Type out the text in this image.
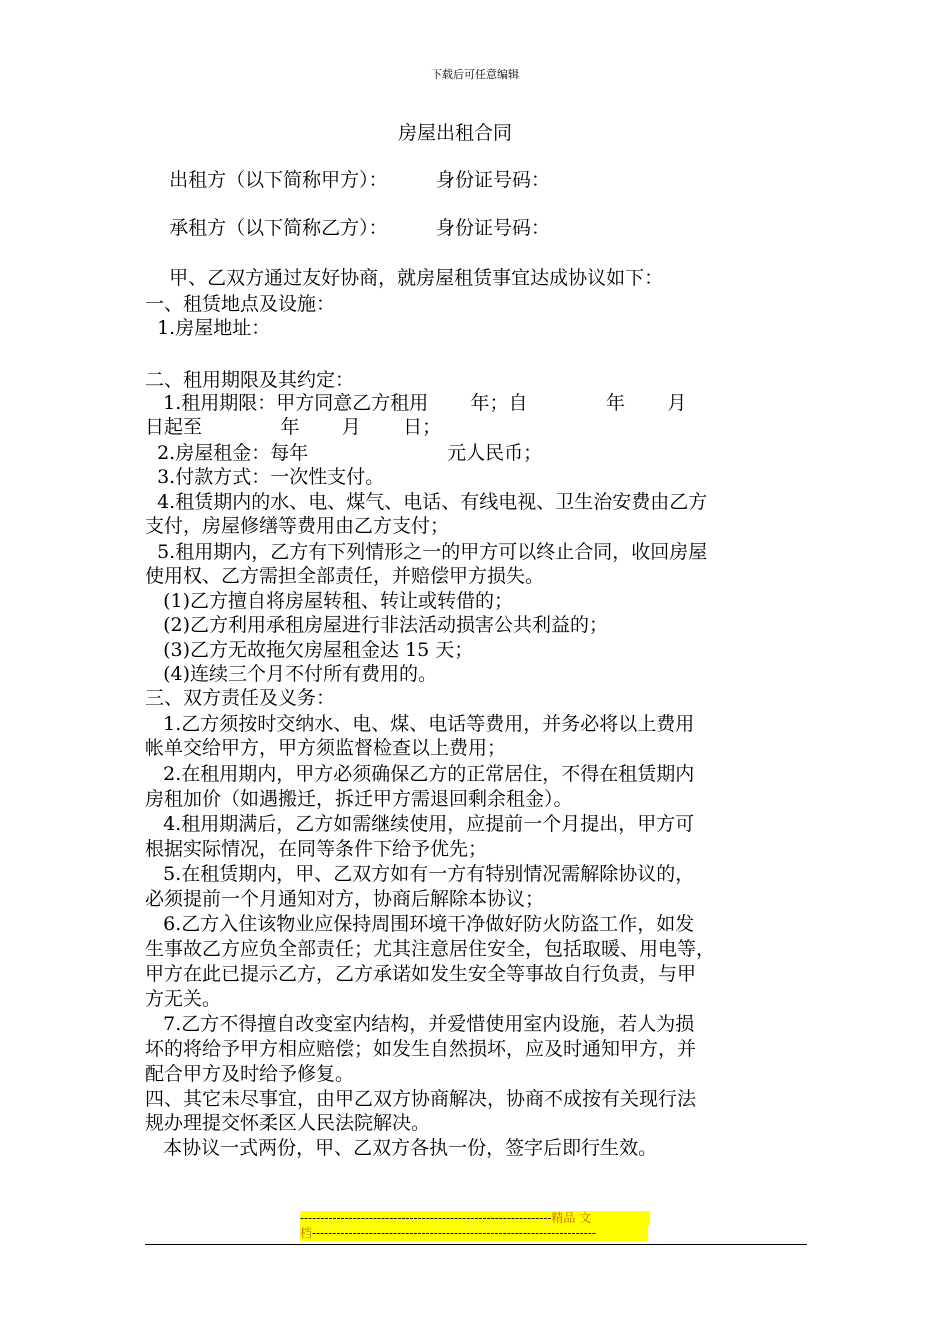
下载后可任意编辑
房屋出租合同
出租方（以下简称甲方）：        身份证号码：
承租方（以下简称乙方）：        身份证号码：
甲、乙双方通过友好协商，就房屋租赁事宜达成协议如下：
一、租赁地点及设施：
1.房屋地址：
二、租用期限及其约定：
1.租用期限：甲方同意乙方租用       年；自             年       月
日起至             年       月       日；
2.房屋租金：每年                       元人民币；
3.付款方式：一次性支付。
4.租赁期内的水、电、煤气、电话、有线电视、卫生治安费由乙方
支付，房屋修缮等费用由乙方支付；
5.租用期内，乙方有下列情形之一的甲方可以终止合同，收回房屋
使用权、乙方需担全部责任，并赔偿甲方损失。
(1)乙方擅自将房屋转租、转让或转借的；
(2)乙方利用承租房屋进行非法活动损害公共利益的；
(3)乙方无故拖欠房屋租金达 15 天；
(4)连续三个月不付所有费用的。
三、双方责任及义务：
1.乙方须按时交纳水、电、煤、电话等费用，并务必将以上费用
帐单交给甲方，甲方须监督检查以上费用；
2.在租用期内，甲方必须确保乙方的正常居住，不得在租赁期内
房租加价（如遇搬迁，拆迁甲方需退回剩余租金）。
4.租用期满后，乙方如需继续使用，应提前一个月提出，甲方可
根据实际情况，在同等条件下给予优先；
5.在租赁期内，甲、乙双方如有一方有特别情况需解除协议的，
必须提前一个月通知对方，协商后解除本协议；
6.乙方入住该物业应保持周围环境干净做好防火防盗工作，如发
生事故乙方应负全部责任；尤其注意居住安全，包括取暖、用电等，
甲方在此已提示乙方，乙方承诺如发生安全等事故自行负责，与甲
方无关。
7.乙方不得擅自改变室内结构，并爱惜使用室内设施，若人为损
坏的将给予甲方相应赔偿；如发生自然损坏，应及时通知甲方，并
配合甲方及时给予修复。
四、其它未尽事宜，由甲乙双方协商解决，协商不成按有关现行法
规办理提交怀柔区人民法院解决。
本协议一式两份，甲、乙双方各执一份，签字后即行生效。
--------------------------------------------------------------精品 文
档----------------------------------------------------------------------
